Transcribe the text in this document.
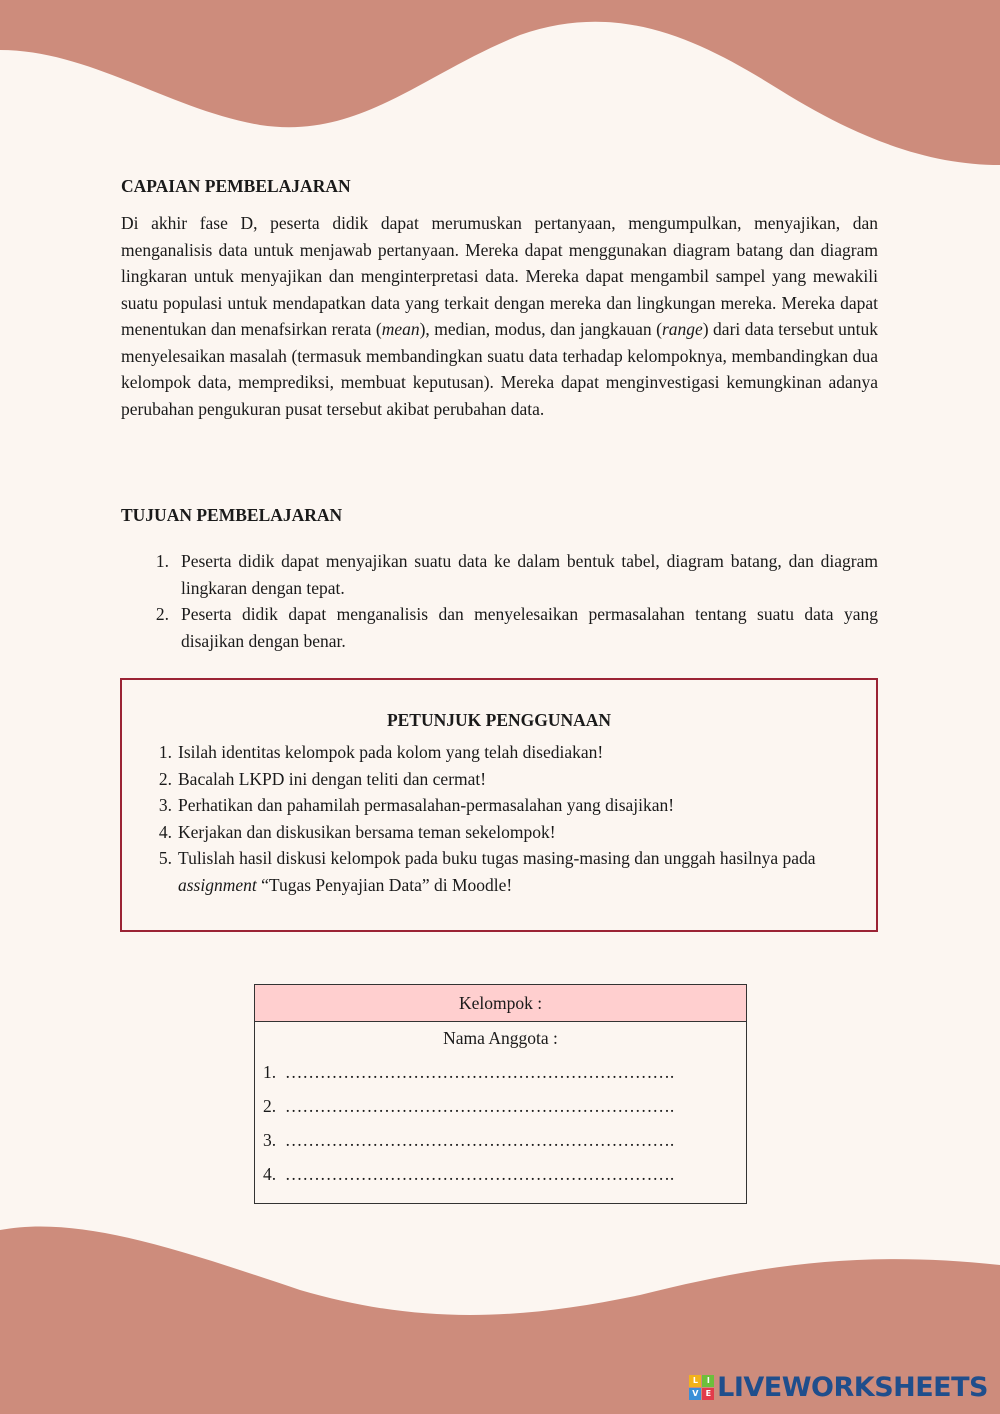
CAPAIAN PEMBELAJARAN

Di akhir fase D, peserta didik dapat merumuskan pertanyaan, mengumpulkan, menyajikan, dan menganalisis data untuk menjawab pertanyaan. Mereka dapat menggunakan diagram batang dan diagram lingkaran untuk menyajikan dan menginterpretasi data. Mereka dapat mengambil sampel yang mewakili suatu populasi untuk mendapatkan data yang terkait dengan mereka dan lingkungan mereka. Mereka dapat menentukan dan menafsirkan rerata (mean), median, modus, dan jangkauan (range) dari data tersebut untuk menyelesaikan masalah (termasuk membandingkan suatu data terhadap kelompoknya, membandingkan dua kelompok data, memprediksi, membuat keputusan). Mereka dapat menginvestigasi kemungkinan adanya perubahan pengukuran pusat tersebut akibat perubahan data.

TUJUAN PEMBELAJARAN
1. Peserta didik dapat menyajikan suatu data ke dalam bentuk tabel, diagram batang, dan diagram lingkaran dengan tepat.
2. Peserta didik dapat menganalisis dan menyelesaikan permasalahan tentang suatu data yang disajikan dengan benar.
PETUNJUK PENGGUNAAN
1. Isilah identitas kelompok pada kolom yang telah disediakan!
2. Bacalah LKPD ini dengan teliti dan cermat!
3. Perhatikan dan pahamilah permasalahan-permasalahan yang disajikan!
4. Kerjakan dan diskusikan bersama teman sekelompok!
5. Tulislah hasil diskusi kelompok pada buku tugas masing-masing dan unggah hasilnya pada assignment “Tugas Penyajian Data” di Moodle!
Kelompok :

Nama Anggota :
1. ………………………………………………………….
2. ………………………………………………………….
3. ………………………………………………………….
4. ………………………………………………………….
L	I
V E LIVEWORKSHEETS
